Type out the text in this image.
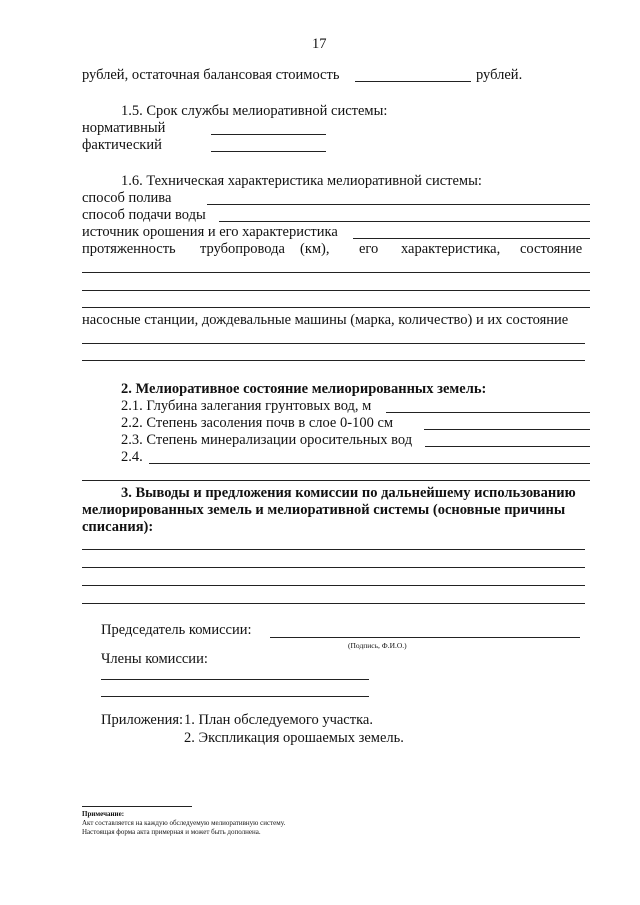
17
рублей, остаточная балансовая стоимость	рублей.
1.5. Срок службы мелиоративной системы:
нормативный
фактический
1.6. Техническая характеристика мелиоративной системы:
способ полива
способ подачи воды
источник орошения и его характеристика
протяженность трубопровода (км), его характеристика, состояние
насосные станции, дождевальные машины (марка, количество) и их состояние
2. Мелиоративное состояние мелиорированных земель:
2.1. Глубина залегания грунтовых вод, м
2.2. Степень засоления почв в слое 0-100 см
2.3. Степень минерализации оросительных вод
2.4.
3. Выводы и предложения комиссии по дальнейшему использованию
мелиорированных земель и мелиоративной системы (основные причины
списания):
Председатель комиссии:
(Подпись, Ф.И.О.)
Члены комиссии:
Приложения: 1. План обследуемого участка.
2. Экспликация орошаемых земель.
Примечание:
Акт составляется на каждую обследуемую мелиоративную систему.
Настоящая форма акта примерная и может быть дополнена.
